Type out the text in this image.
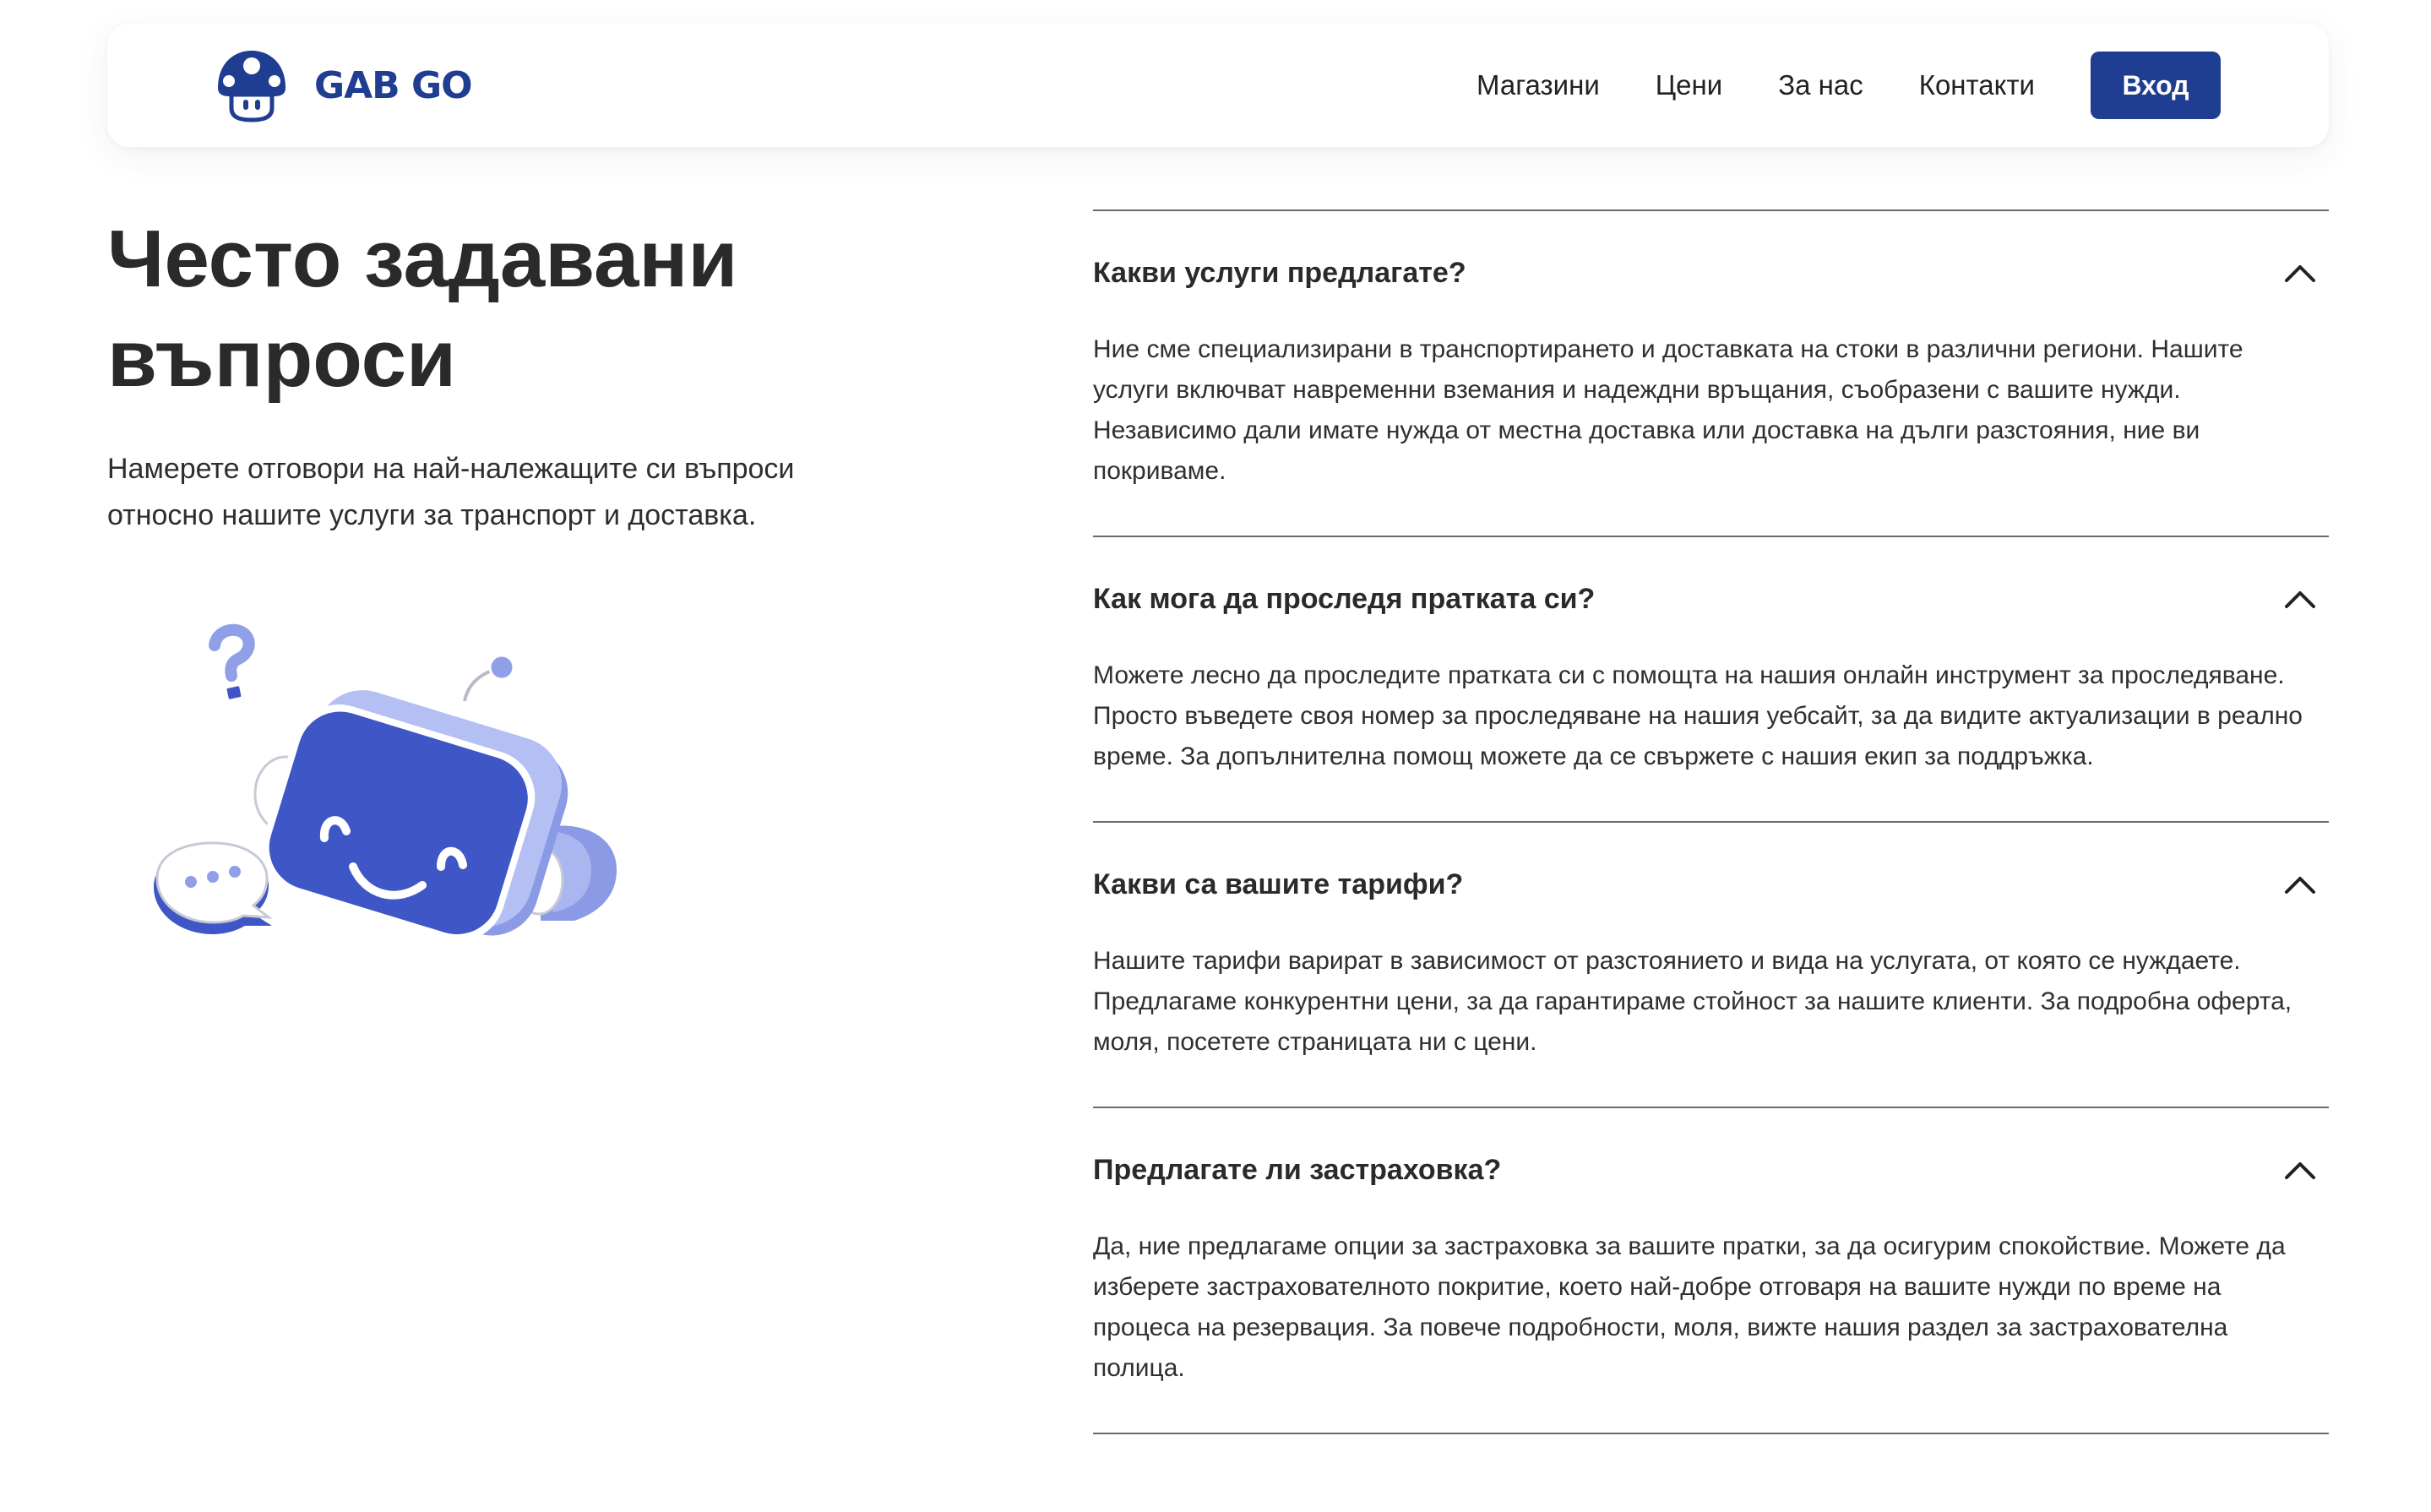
GAB GO	Магазини Цени За нас Контакти	Вход
Често задавани въпроси

Намерете отговори на най-належащите си въпроси относно нашите услуги за транспорт и доставка.

Какви услуги предлагате?

Ние сме специализирани в транспортирането и доставката на стоки в различни региони. Нашите услуги включват навременни вземания и надеждни връщания, съобразени с вашите нужди. Независимо дали имате нужда от местна доставка или доставка на дълги разстояния, ние ви покриваме.

Как мога да проследя пратката си?

Можете лесно да проследите пратката си с помощта на нашия онлайн инструмент за проследяване. Просто въведете своя номер за проследяване на нашия уебсайт, за да видите актуализации в реално време. За допълнителна помощ можете да се свържете с нашия екип за поддръжка.

Какви са вашите тарифи?

Нашите тарифи варират в зависимост от разстоянието и вида на услугата, от която се нуждаете. Предлагаме конкурентни цени, за да гарантираме стойност за нашите клиенти. За подробна оферта, моля, посетете страницата ни с цени.

Предлагате ли застраховка?

Да, ние предлагаме опции за застраховка за вашите пратки, за да осигурим спокойствие. Можете да изберете застрахователното покритие, което най-добре отговаря на вашите нужди по време на процеса на резервация. За повече подробности, моля, вижте нашия раздел за застрахователна полица.
